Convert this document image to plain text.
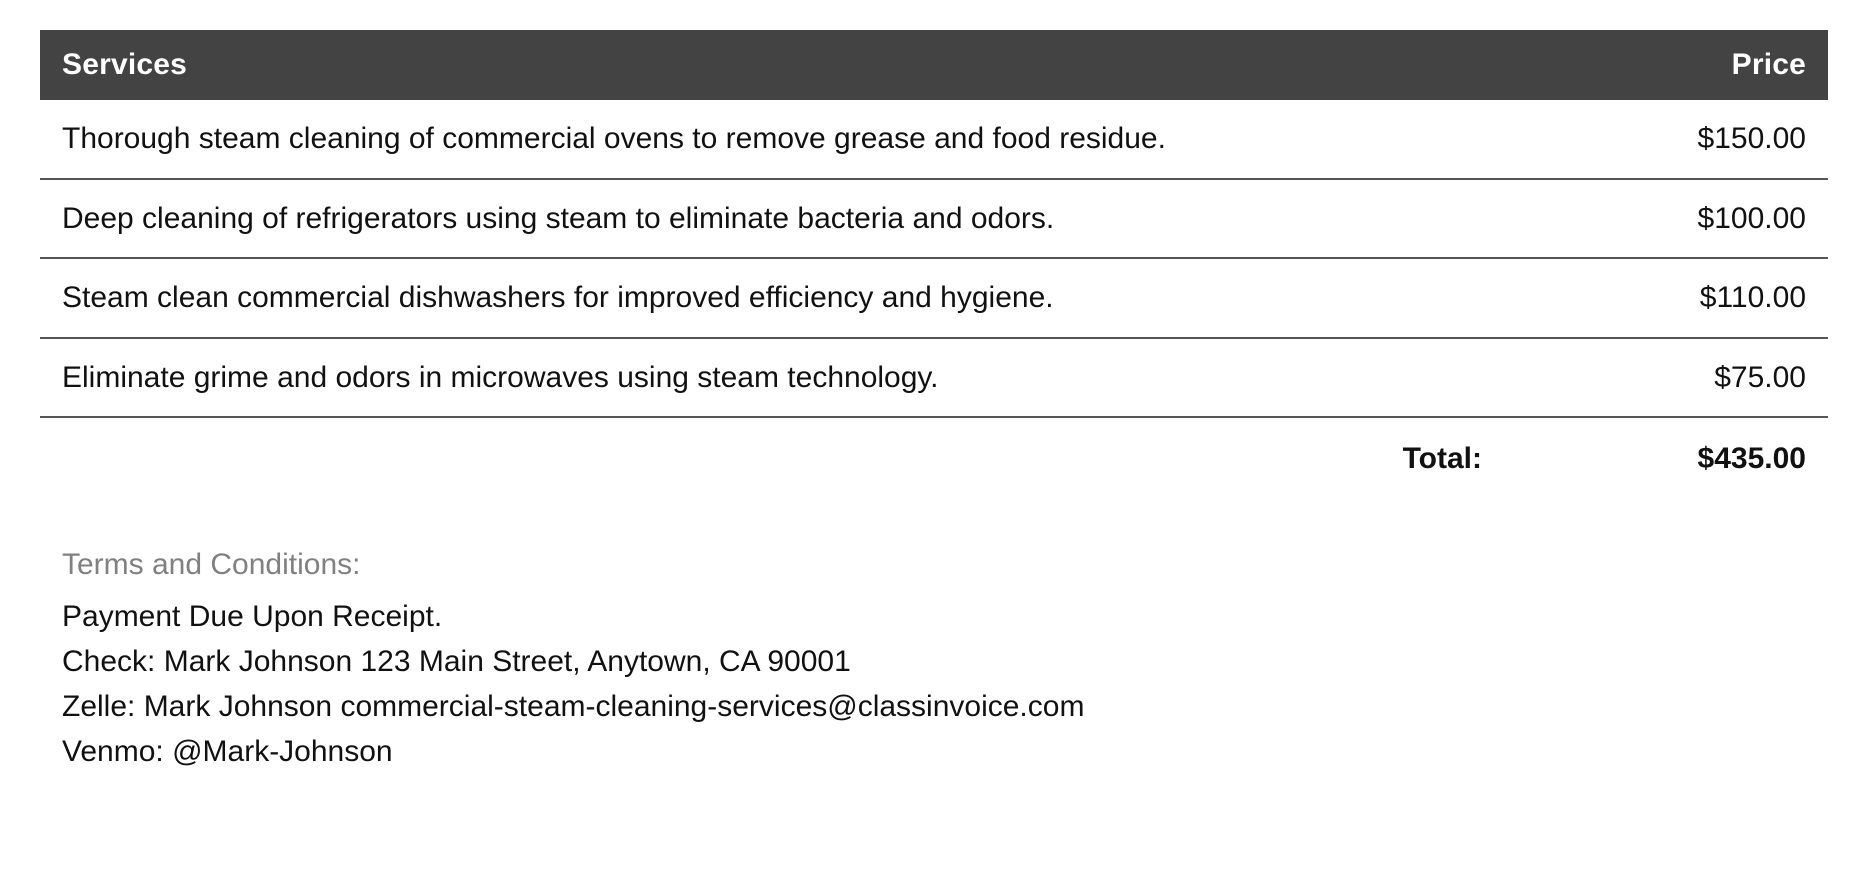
Services	Price
Thorough steam cleaning of commercial ovens to remove grease and food residue.	$150.00
Deep cleaning of refrigerators using steam to eliminate bacteria and odors.	$100.00
Steam clean commercial dishwashers for improved efficiency and hygiene.	$110.00
Eliminate grime and odors in microwaves using steam technology.	$75.00
Total:	$435.00
Terms and Conditions:
Payment Due Upon Receipt.
Check: Mark Johnson 123 Main Street, Anytown, CA 90001
Zelle: Mark Johnson commercial-steam-cleaning-services@classinvoice.com
Venmo: @Mark-Johnson
